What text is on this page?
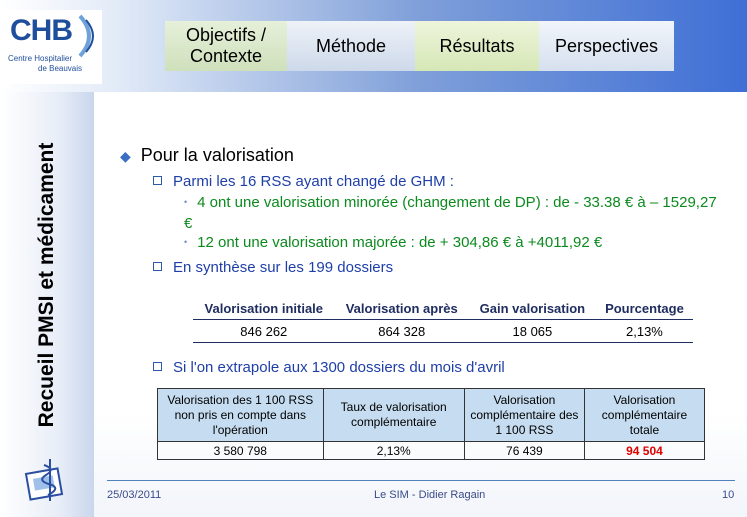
CHB
Centre Hospitalier
de Beauvais
Objectifs / Contexte
Méthode	Résultats Perspectives
Recueil PMSI et médicament	◆ Pour la valorisation
Parmi les 16 RSS ayant changé de GHM :
• 4 ont une valorisation minorée (changement de DP) : de - 33.38 € à – 1529,27 €
• 12 ont une valorisation majorée : de + 304,86 € à +4011,92 €
En synthèse sur les 199 dossiers
Valorisation initiale	Valorisation après	Gain valorisation	Pourcentage
846 262	864 328	18 065	2,13%
Si l'on extrapole aux 1300 dossiers du mois d'avril
Valorisation des 1 100 RSS non pris en compte dans l'opération	Taux de valorisation complémentaire	Valorisation complémentaire des 1 100 RSS	Valorisation complémentaire totale
3 580 798	2,13%	76 439	94 504
25/03/2011	Le SIM - Didier Ragain	10
